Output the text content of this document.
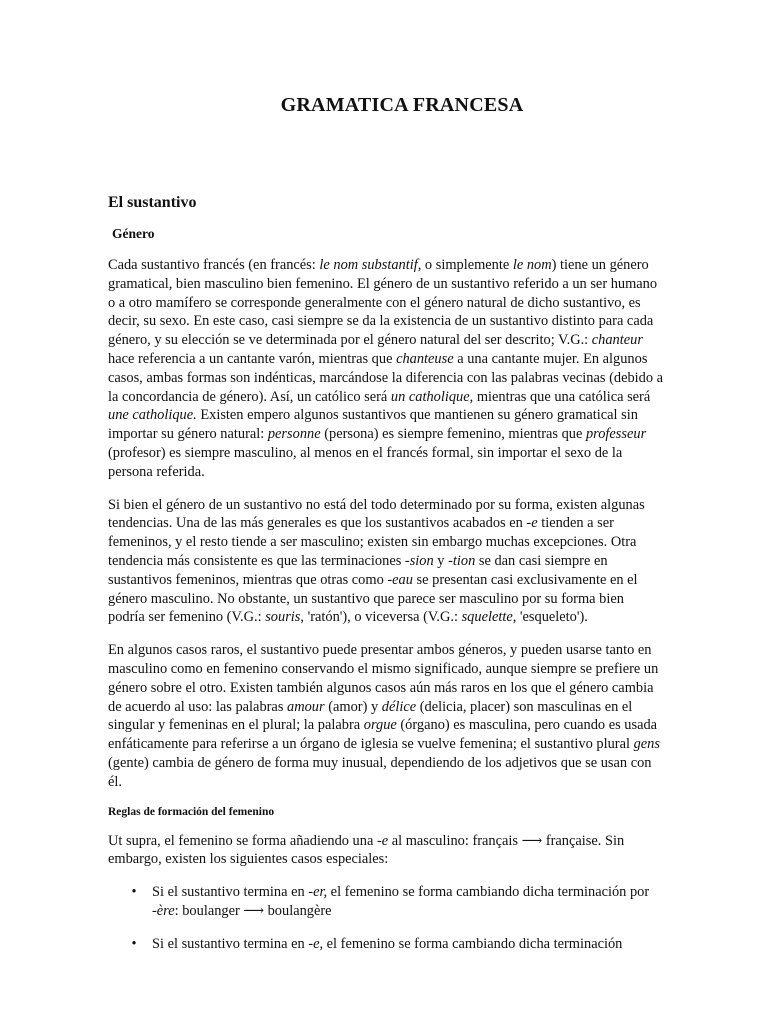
GRAMATICA FRANCESA
El sustantivo
Género

Cada sustantivo francés (en francés: le nom substantif, o simplemente le nom) tiene un género gramatical, bien masculino bien femenino. El género de un sustantivo referido a un ser humano o a otro mamífero se corresponde generalmente con el género natural de dicho sustantivo, es decir, su sexo. En este caso, casi siempre se da la existencia de un sustantivo distinto para cada género, y su elección se ve determinada por el género natural del ser descrito; V.G.: chanteur hace referencia a un cantante varón, mientras que chanteuse a una cantante mujer. En algunos casos, ambas formas son indénticas, marcándose la diferencia con las palabras vecinas (debido a la concordancia de género). Así, un católico será un catholique, mientras que una católica será une catholique. Existen empero algunos sustantivos que mantienen su género gramatical sin importar su género natural: personne (persona) es siempre femenino, mientras que professeur (profesor) es siempre masculino, al menos en el francés formal, sin importar el sexo de la persona referida.

Si bien el género de un sustantivo no está del todo determinado por su forma, existen algunas tendencias. Una de las más generales es que los sustantivos acabados en -e tienden a ser femeninos, y el resto tiende a ser masculino; existen sin embargo muchas excepciones. Otra tendencia más consistente es que las terminaciones -sion y -tion se dan casi siempre en sustantivos femeninos, mientras que otras como -eau se presentan casi exclusivamente en el género masculino. No obstante, un sustantivo que parece ser masculino por su forma bien podría ser femenino (V.G.: souris, 'ratón'), o viceversa (V.G.: squelette, 'esqueleto').

En algunos casos raros, el sustantivo puede presentar ambos géneros, y pueden usarse tanto en masculino como en femenino conservando el mismo significado, aunque siempre se prefiere un género sobre el otro. Existen también algunos casos aún más raros en los que el género cambia de acuerdo al uso: las palabras amour (amor) y délice (delicia, placer) son masculinas en el singular y femeninas en el plural; la palabra orgue (órgano) es masculina, pero cuando es usada enfáticamente para referirse a un órgano de iglesia se vuelve femenina; el sustantivo plural gens (gente) cambia de género de forma muy inusual, dependiendo de los adjetivos que se usan con él.

Reglas de formación del femenino

Ut supra, el femenino se forma añadiendo una -e al masculino: français ⟶ française. Sin embargo, existen los siguientes casos especiales:

• Si el sustantivo termina en -er, el femenino se forma cambiando dicha terminación por -ère: boulanger ⟶ boulangère
• Si el sustantivo termina en -e, el femenino se forma cambiando dicha terminación
